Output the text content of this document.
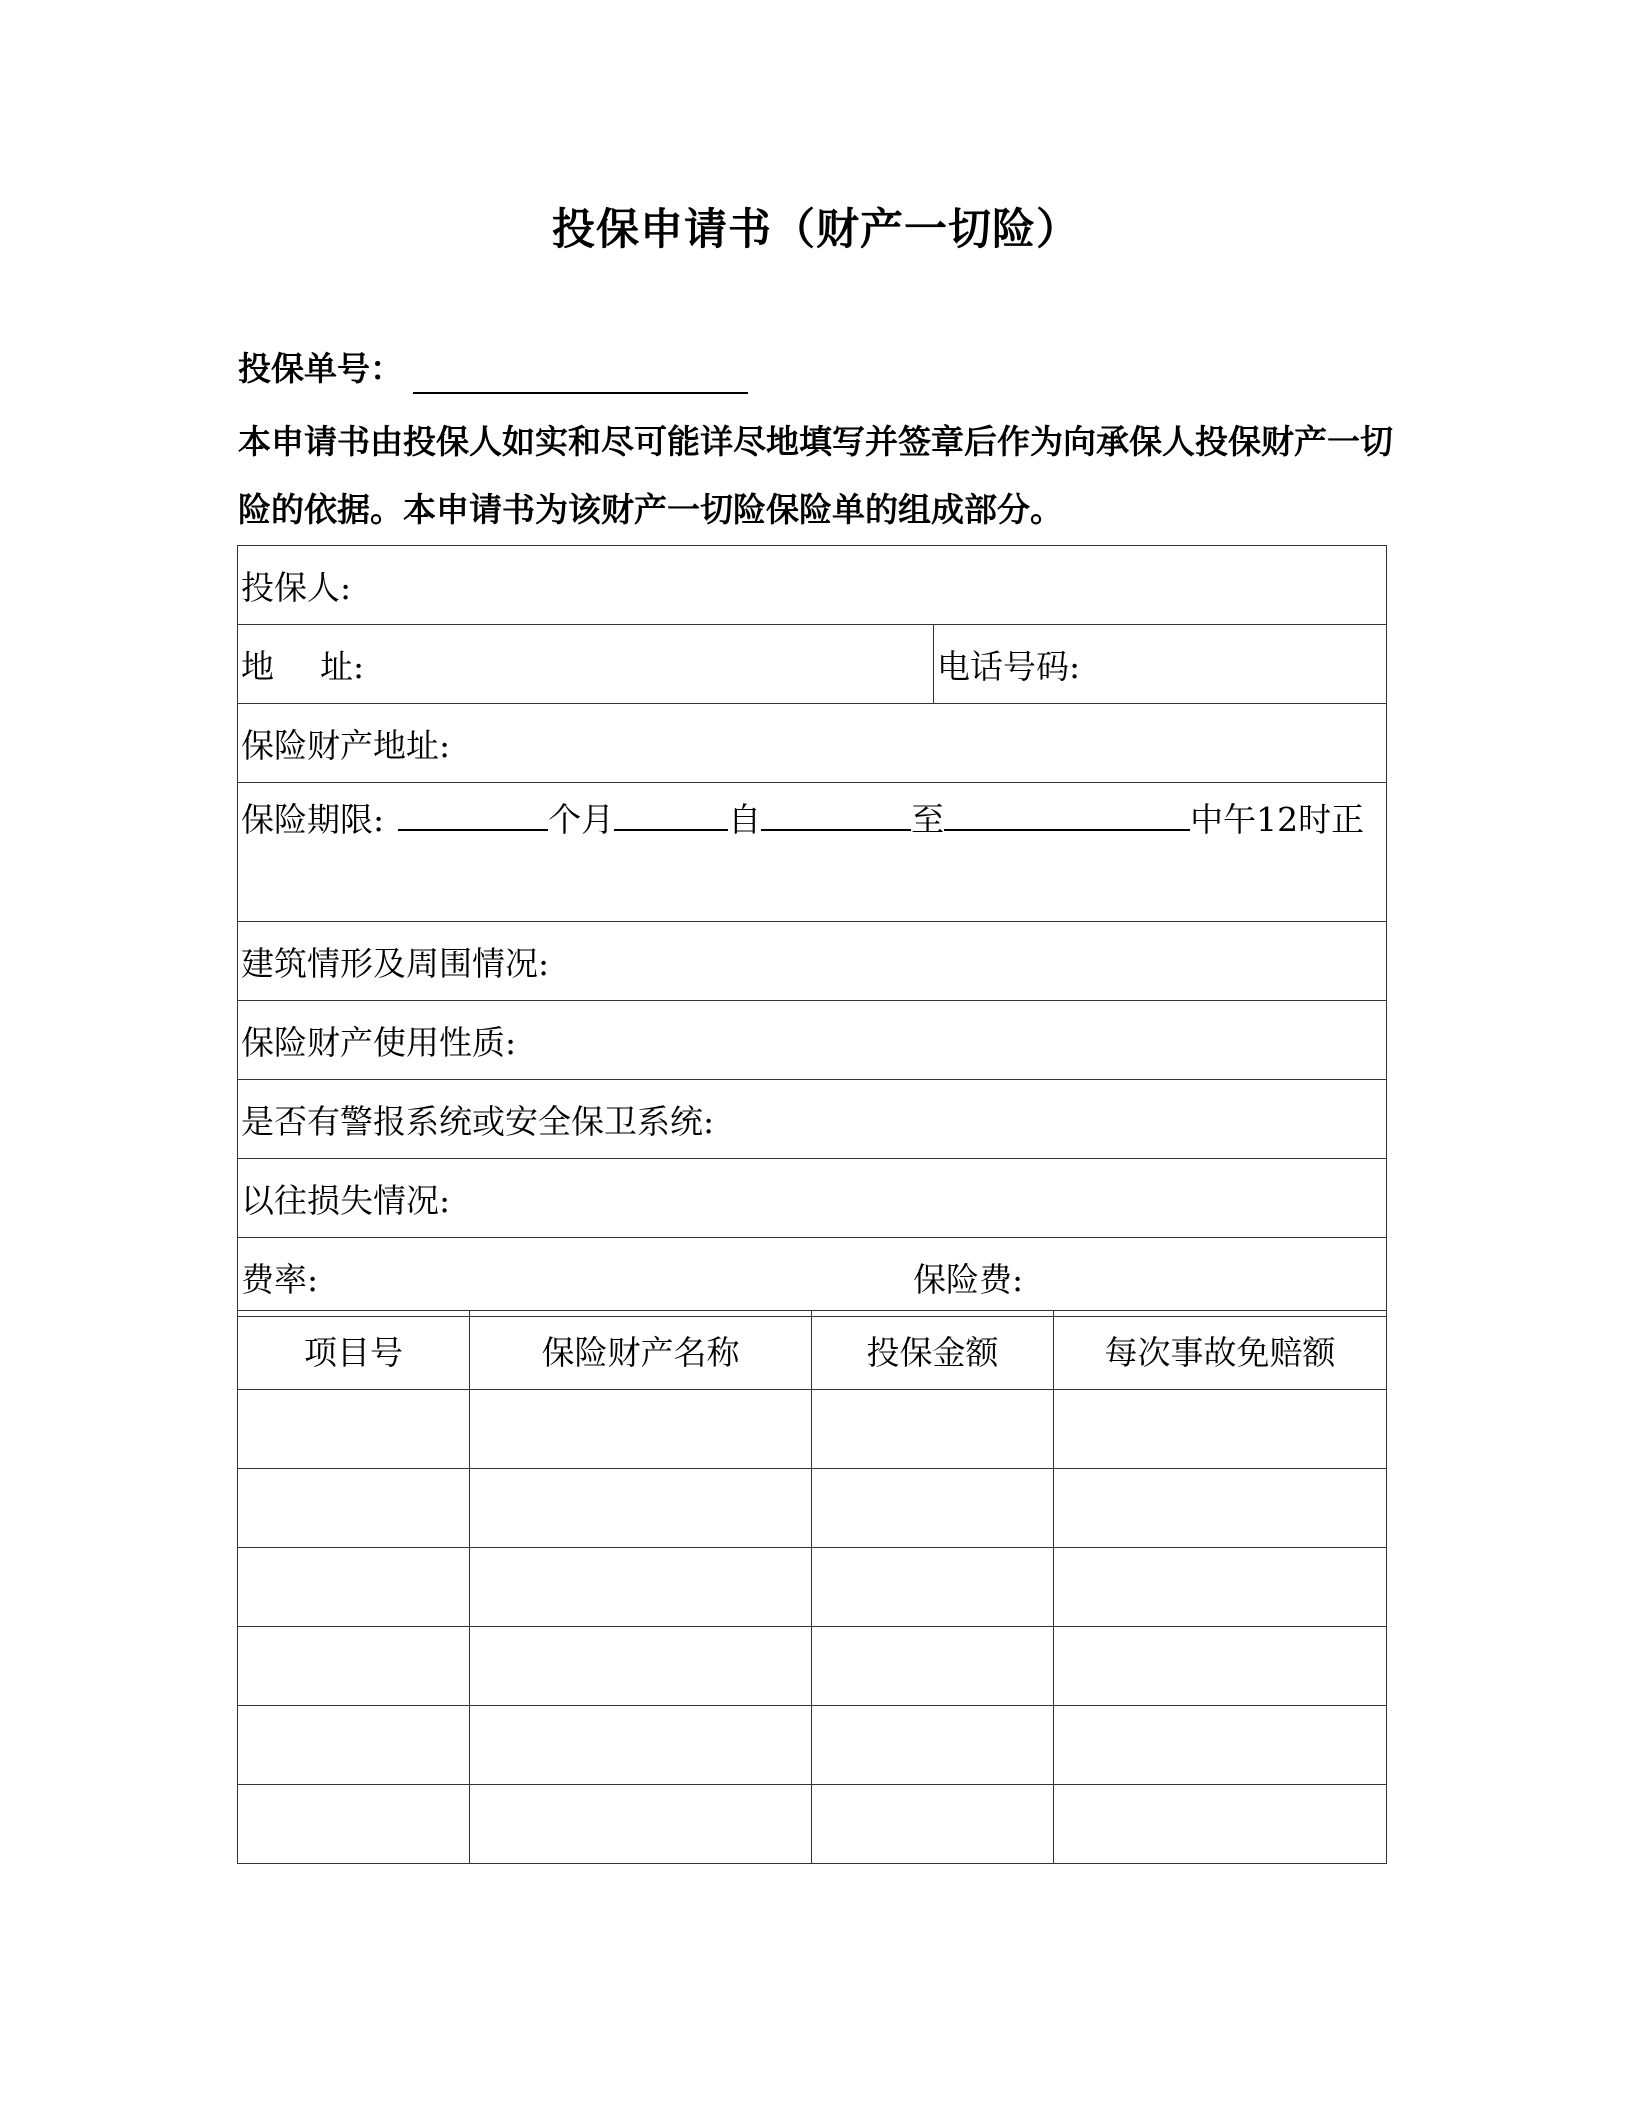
投保申请书（财产一切险）
投保单号：
本申请书由投保人如实和尽可能详尽地填写并签章后作为向承保人投保财产一切险的依据。本申请书为该财产一切险保险单的组成部分。
投保人:
地 址:	电话号码:
保险财产地址:
保险期限:	个月	自	至	中午12时正
建筑情形及周围情况:
保险财产使用性质:
是否有警报系统或安全保卫系统:
以往损失情况:

费率:	保险费:
项目号	保险财产名称	投保金额	每次事故免赔额
